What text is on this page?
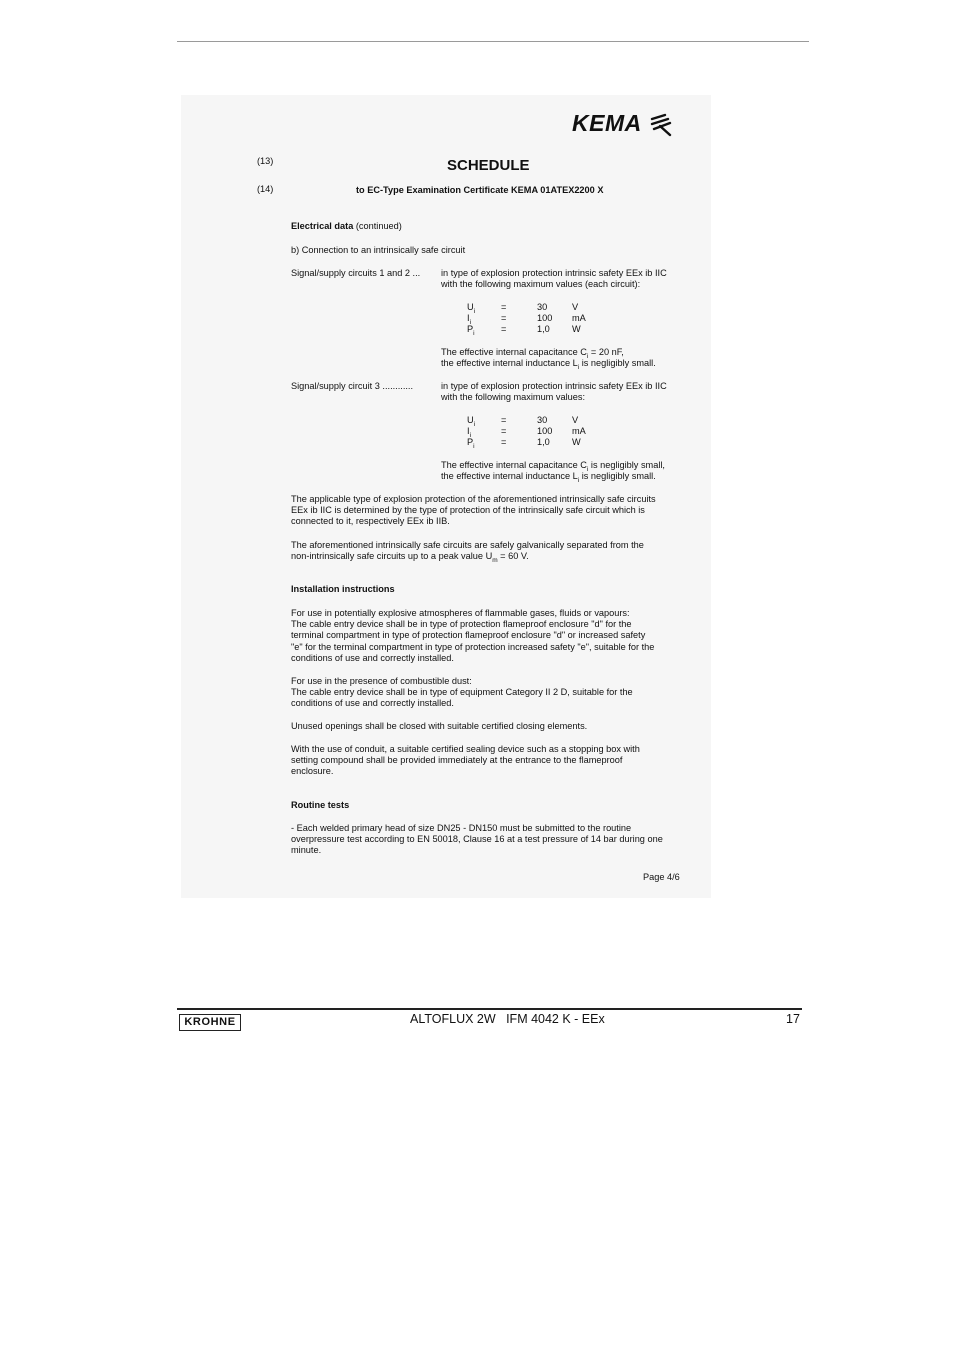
KEMA
(13)	SCHEDULE
(14)	to EC-Type Examination Certificate KEMA 01ATEX2200 X
Electrical data (continued)
b) Connection to an intrinsically safe circuit
Signal/supply circuits 1 and 2 ... in type of explosion protection intrinsic safety EEx ib IIC
with the following maximum values (each circuit):
$U_i$	=	30	V
$I_i$	=	100 mA
$P_i$	=	1,0 W
The effective internal capacitance $C_i = 20$ nF,
the effective internal inductance $L_i$ is negligibly small.
Signal/supply circuit 3 ............	in type of explosion protection intrinsic safety EEx ib IIC
with the following maximum values:
$U_i$	=	30	V
$I_i$	=	100 mA
$P_i$	=	1,0 W
The effective internal capacitance $C_i$ is negligibly small,
the effective internal inductance $L_i$ is negligibly small.
The applicable type of explosion protection of the aforementioned intrinsically safe circuits
EEx ib IIC is determined by the type of protection of the intrinsically safe circuit which is
connected to it, respectively EEx ib IIB.
The aforementioned intrinsically safe circuits are safely galvanically separated from the
non-intrinsically safe circuits up to a peak value $U_m = 60$ V.
Installation instructions
For use in potentially explosive atmospheres of flammable gases, fluids or vapours:
The cable entry device shall be in type of protection flameproof enclosure "d" for the
terminal compartment in type of protection flameproof enclosure "d" or increased safety
"e" for the terminal compartment in type of protection increased safety "e", suitable for the
conditions of use and correctly installed.
For use in the presence of combustible dust:
The cable entry device shall be in type of equipment Category II 2 D, suitable for the
conditions of use and correctly installed.
Unused openings shall be closed with suitable certified closing elements.
With the use of conduit, a suitable certified sealing device such as a stopping box with
setting compound shall be provided immediately at the entrance to the flameproof
enclosure.
Routine tests
- Each welded primary head of size DN25 - DN150 must be submitted to the routine
overpressure test according to EN 50018, Clause 16 at a test pressure of 14 bar during one
minute.
Page 4/6
KROHNE	ALTOFLUX 2W   IFM 4042 K - EEx	17
